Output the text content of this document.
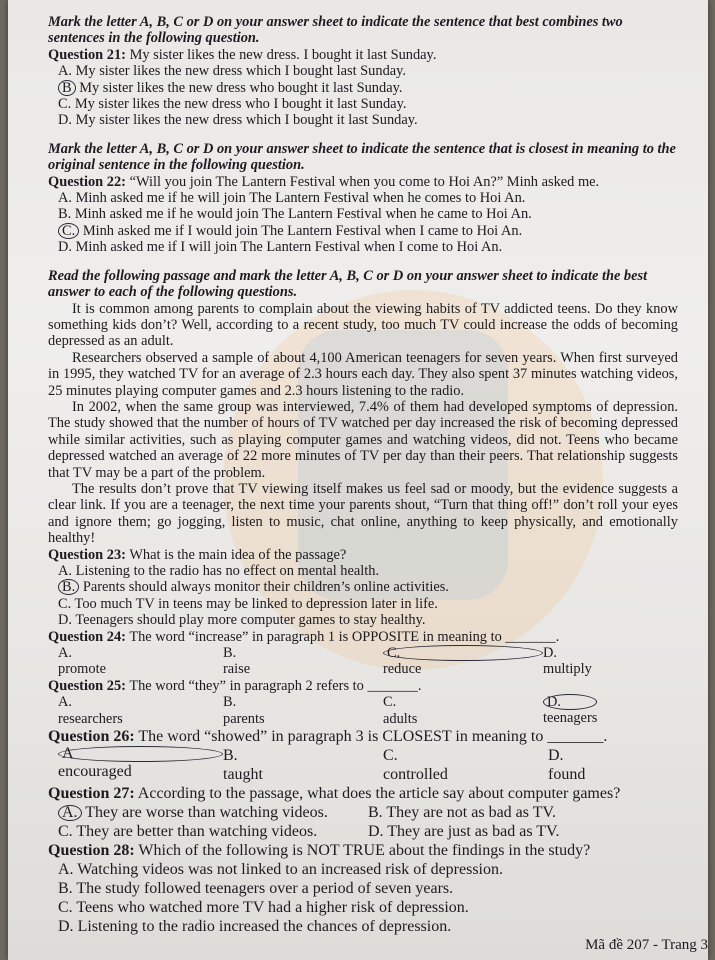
Mark the letter A, B, C or D on your answer sheet to indicate the sentence that best combines two sentences in the following question.
Question 21: My sister likes the new dress. I bought it last Sunday.
A. My sister likes the new dress which I bought last Sunday.
B My sister likes the new dress who bought it last Sunday.
C. My sister likes the new dress who I bought it last Sunday.
D. My sister likes the new dress which I bought it last Sunday.
Mark the letter A, B, C or D on your answer sheet to indicate the sentence that is closest in meaning to the original sentence in the following question.
Question 22: “Will you join The Lantern Festival when you come to Hoi An?” Minh asked me.
A. Minh asked me if he will join The Lantern Festival when he comes to Hoi An.
B. Minh asked me if he would join The Lantern Festival when he came to Hoi An.
C. Minh asked me if I would join The Lantern Festival when I came to Hoi An.
D. Minh asked me if I will join The Lantern Festival when I come to Hoi An.
Read the following passage and mark the letter A, B, C or D on your answer sheet to indicate the best answer to each of the following questions.

It is common among parents to complain about the viewing habits of TV addicted teens. Do they know something kids don’t? Well, according to a recent study, too much TV could increase the odds of becoming depressed as an adult.

Researchers observed a sample of about 4,100 American teenagers for seven years. When first surveyed in 1995, they watched TV for an average of 2.3 hours each day. They also spent 37 minutes watching videos, 25 minutes playing computer games and 2.3 hours listening to the radio.

In 2002, when the same group was interviewed, 7.4% of them had developed symptoms of depression. The study showed that the number of hours of TV watched per day increased the risk of becoming depressed while similar activities, such as playing computer games and watching videos, did not. Teens who became depressed watched an average of 22 more minutes of TV per day than their peers. That relationship suggests that TV may be a part of the problem.

The results don’t prove that TV viewing itself makes us feel sad or moody, but the evidence suggests a clear link. If you are a teenager, the next time your parents shout, “Turn that thing off!” don’t roll your eyes and ignore them; go jogging, listen to music, chat online, anything to keep physically, and emotionally healthy!

Question 23: What is the main idea of the passage?
A. Listening to the radio has no effect on mental health.
B. Parents should always monitor their children’s online activities.
C. Too much TV in teens may be linked to depression later in life.
D. Teenagers should play more computer games to stay healthy.
Question 24: The word “increase” in paragraph 1 is OPPOSITE in meaning to _______.
A.
promote
B.
raise
C.
reduce
D.
multiply
Question 25: The word “they” in paragraph 2 refers to _______.
A.
researchers
B.
parents
C.
adults
D.
teenagers
Question 26: The word “showed” in paragraph 3 is CLOSEST in meaning to _______.
A
encouraged
B.
taught
C.
controlled
D.
found
Question 27: According to the passage, what does the article say about computer games?
A. They are worse than watching videos.	B. They are not as bad as TV.
C. They are better than watching videos.	D. They are just as bad as TV.
Question 28: Which of the following is NOT TRUE about the findings in the study?
A. Watching videos was not linked to an increased risk of depression.
B. The study followed teenagers over a period of seven years.
C. Teens who watched more TV had a higher risk of depression.
D. Listening to the radio increased the chances of depression.
Mã đề 207 - Trang 3
